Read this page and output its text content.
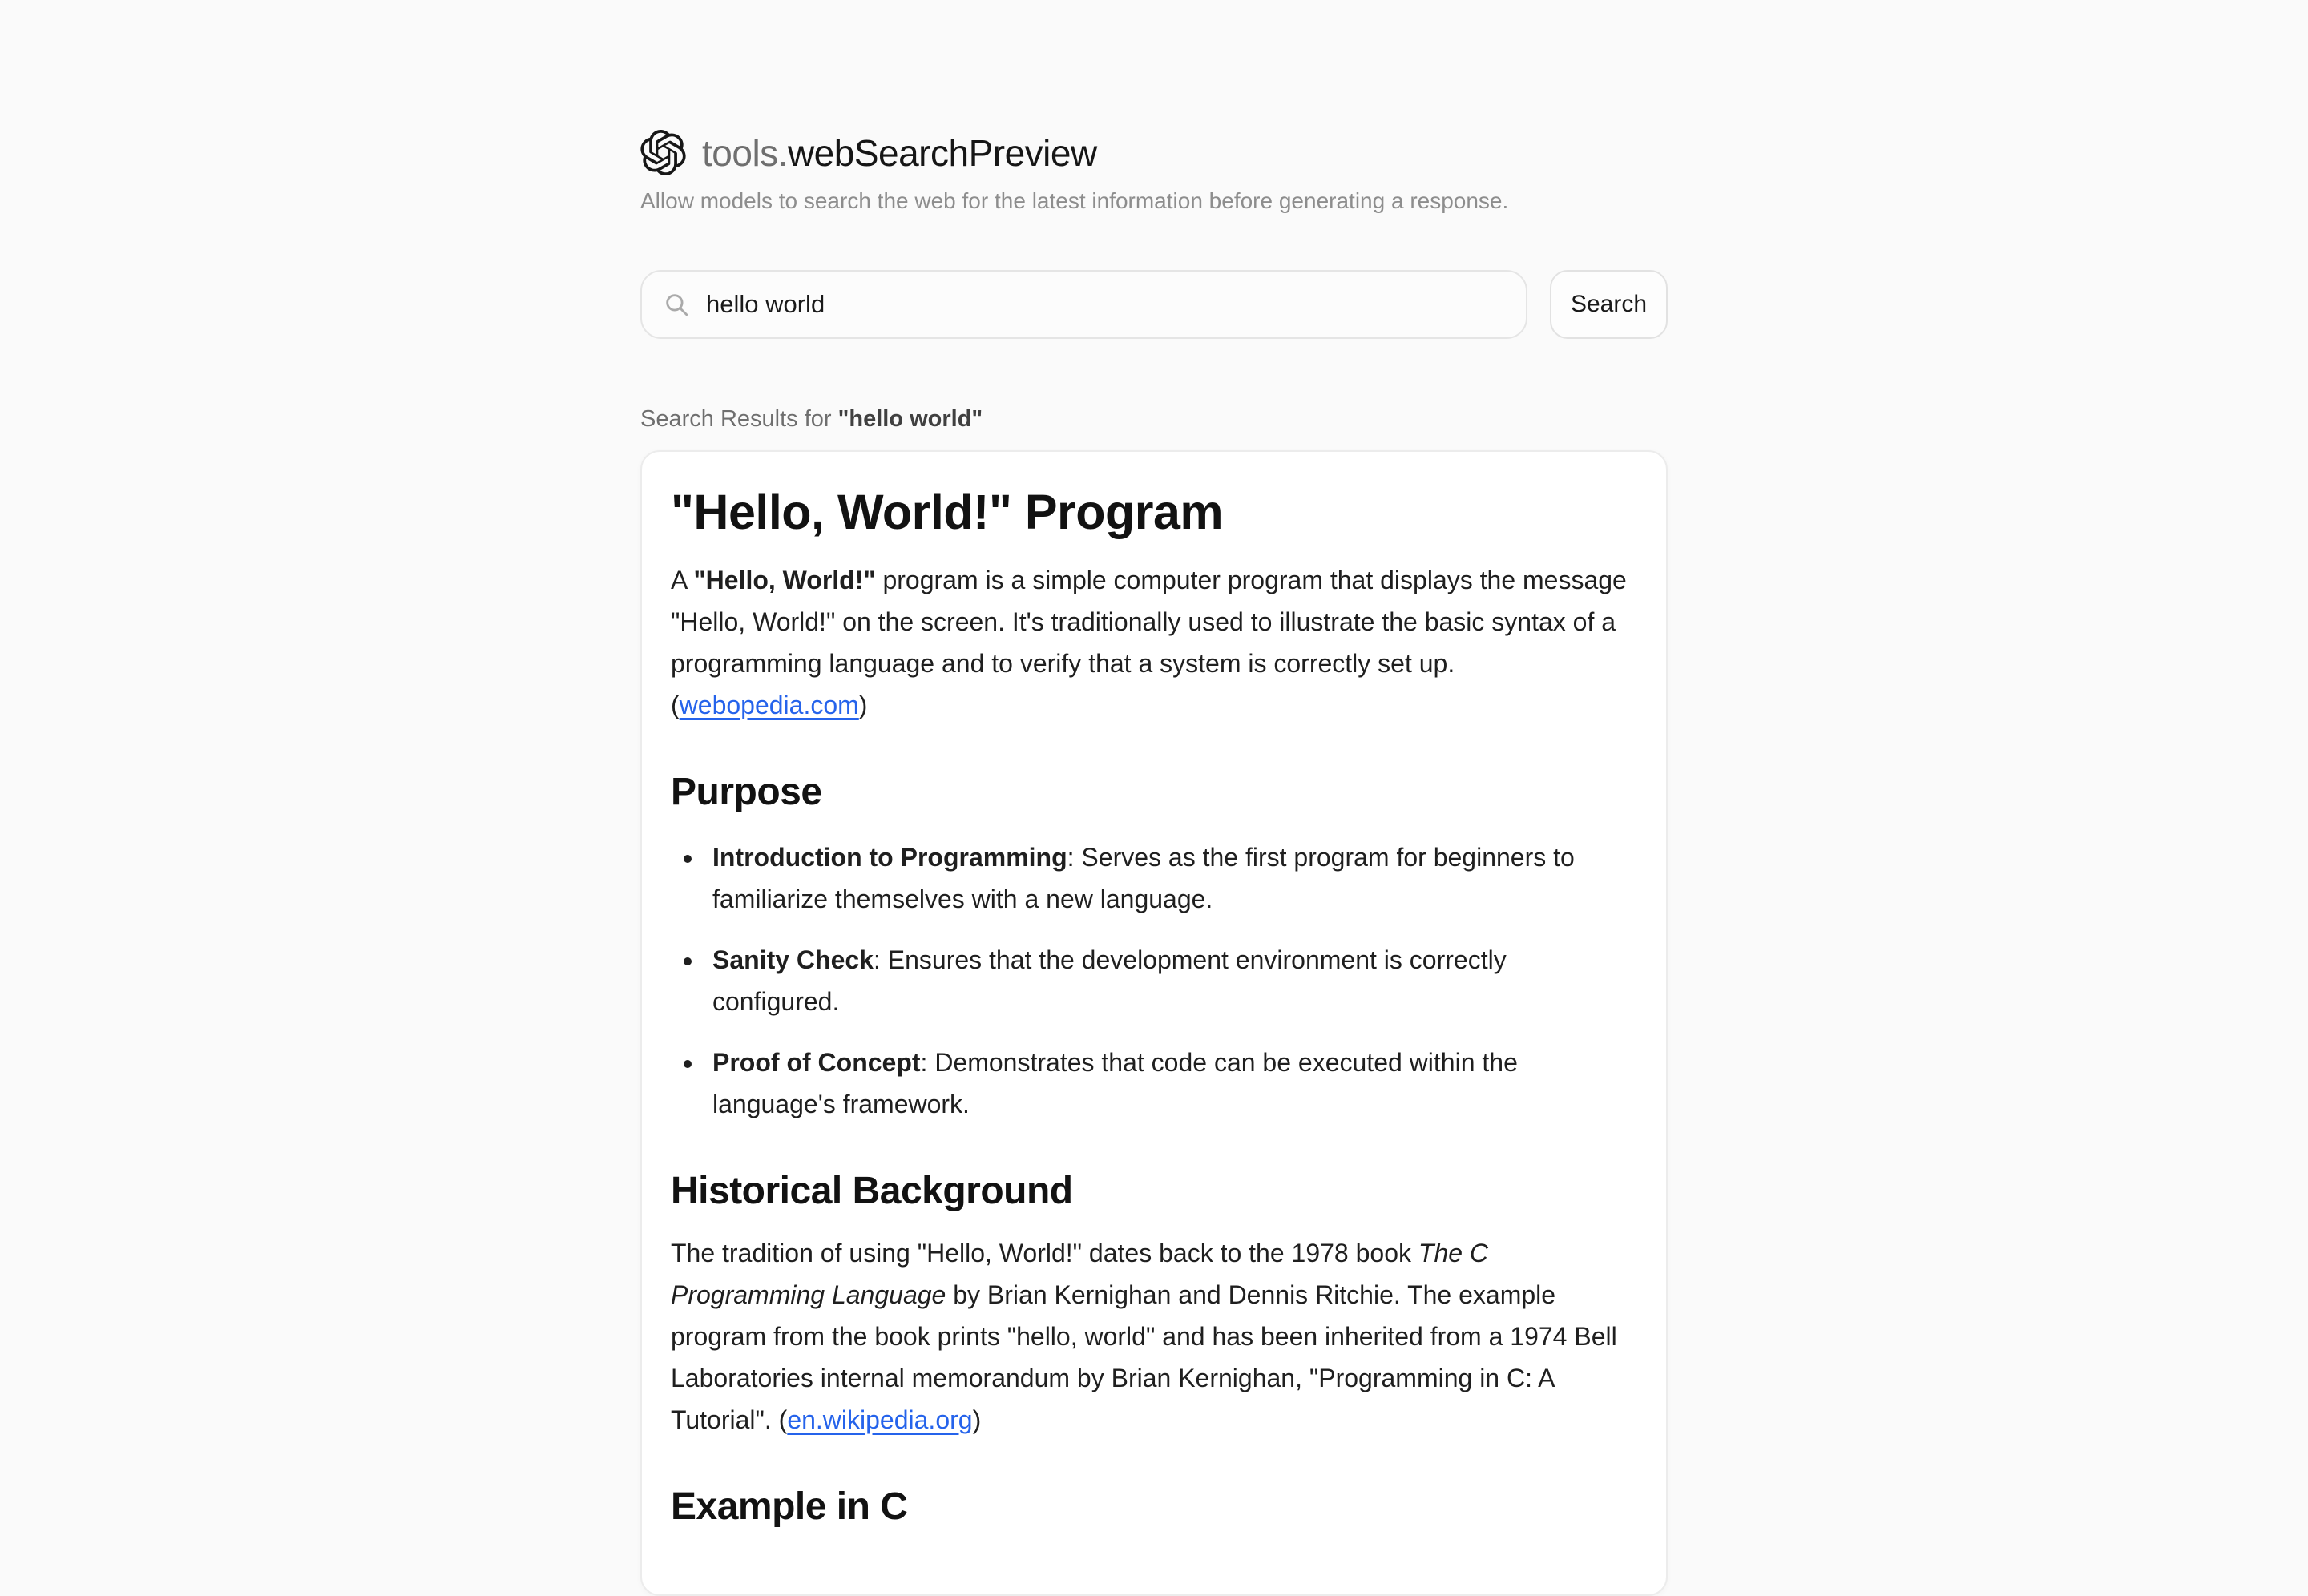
tools.webSearchPreview
Allow models to search the web for the latest information before generating a response.
hello world
Search
Search Results for "hello world"
"Hello, World!" Program

A "Hello, World!" program is a simple computer program that displays the message "Hello, World!" on the screen. It's traditionally used to illustrate the basic syntax of a programming language and to verify that a system is correctly set up. (webopedia.com)

Purpose
• Introduction to Programming: Serves as the first program for beginners to familiarize themselves with a new language.
• Sanity Check: Ensures that the development environment is correctly configured.
• Proof of Concept: Demonstrates that code can be executed within the language's framework.
Historical Background

The tradition of using "Hello, World!" dates back to the 1978 book The C Programming Language by Brian Kernighan and Dennis Ritchie. The example program from the book prints "hello, world" and has been inherited from a 1974 Bell Laboratories internal memorandum by Brian Kernighan, "Programming in C: A Tutorial". (en.wikipedia.org)

Example in C
